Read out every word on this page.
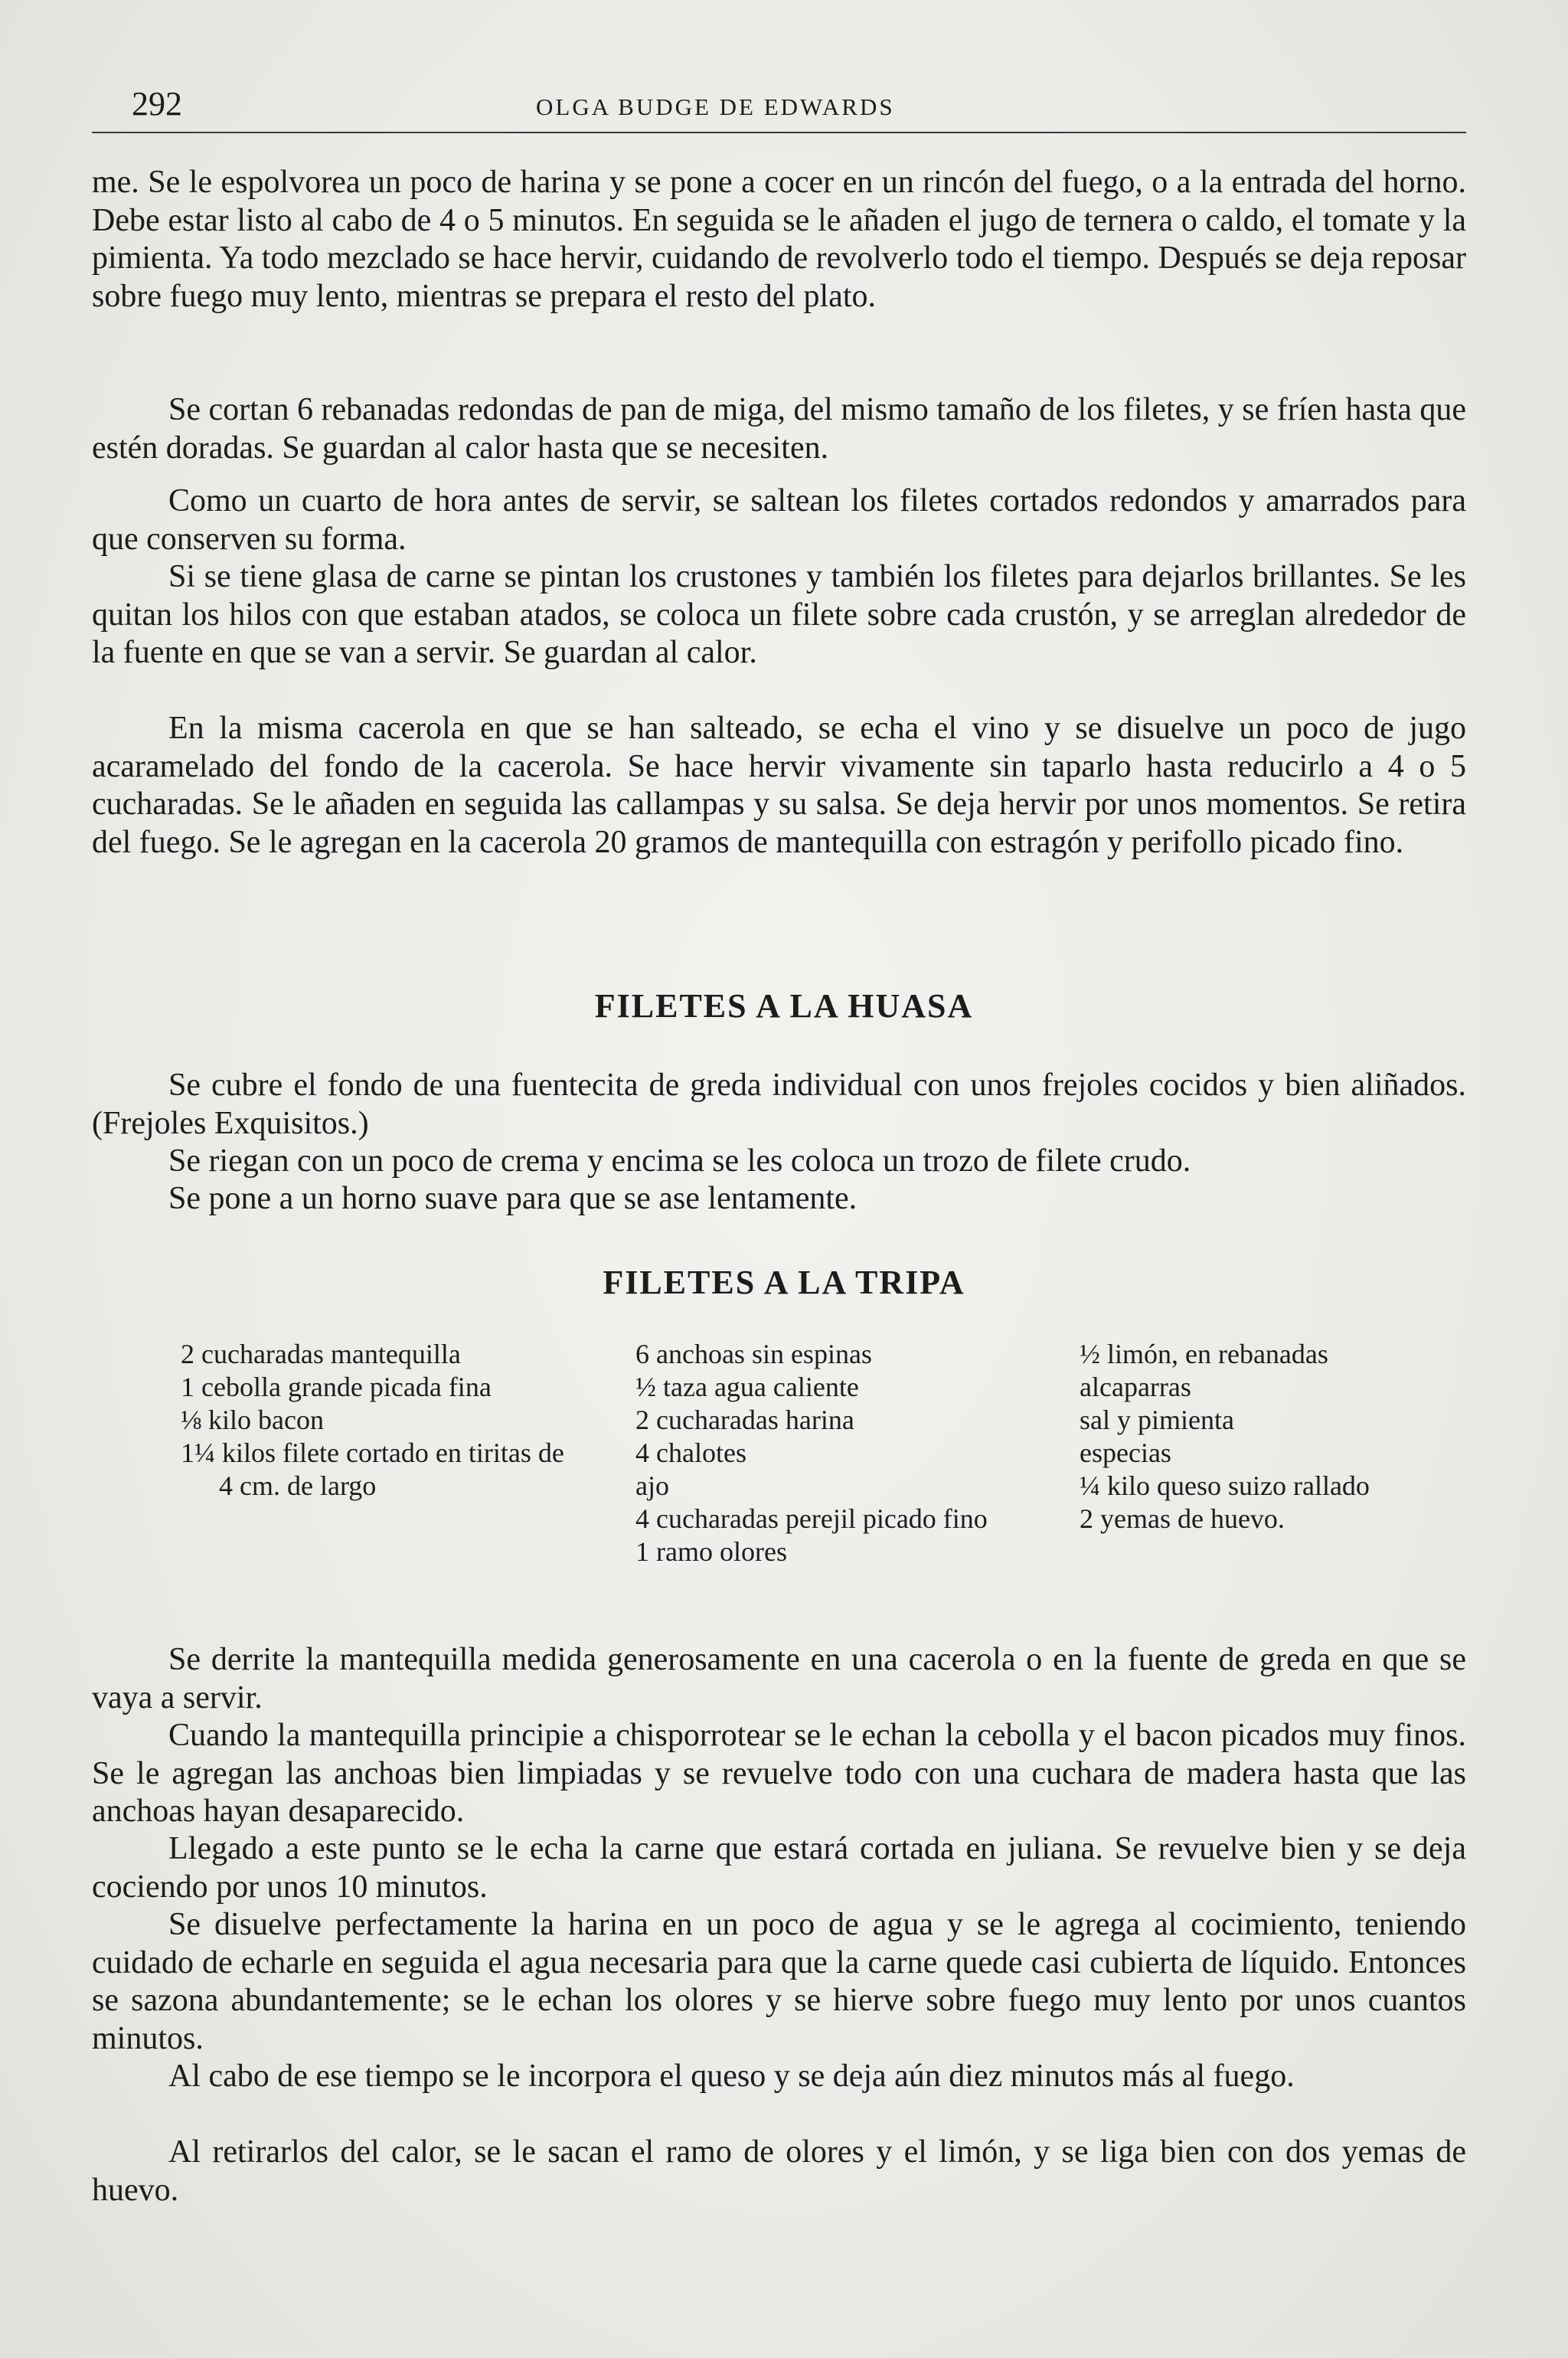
292	OLGA BUDGE DE EDWARDS

me. Se le espolvorea un poco de harina y se pone a cocer en un rincón del fuego, o a la entrada del horno. Debe estar listo al cabo de 4 o 5 minutos. En seguida se le añaden el jugo de ternera o caldo, el tomate y la pimienta. Ya todo mezclado se hace hervir, cuidando de revolverlo todo el tiempo. Después se deja reposar sobre fuego muy lento, mientras se prepara el resto del plato.

Se cortan 6 rebanadas redondas de pan de miga, del mismo tamaño de los filetes, y se fríen hasta que estén doradas. Se guardan al calor hasta que se necesiten.

Como un cuarto de hora antes de servir, se saltean los filetes cortados redondos y amarrados para que conserven su forma.

Si se tiene glasa de carne se pintan los crustones y también los filetes para dejarlos brillantes. Se les quitan los hilos con que estaban atados, se coloca un filete sobre cada crustón, y se arreglan alrededor de la fuente en que se van a servir. Se guardan al calor.

En la misma cacerola en que se han salteado, se echa el vino y se disuelve un poco de jugo acaramelado del fondo de la cacerola. Se hace hervir vivamente sin taparlo hasta reducirlo a 4 o 5 cucharadas. Se le añaden en seguida las callampas y su salsa. Se deja hervir por unos momentos. Se retira del fuego. Se le agregan en la cacerola 20 gramos de mantequilla con estragón y perifollo picado fino.

FILETES A LA HUASA

Se cubre el fondo de una fuentecita de greda individual con unos frejoles cocidos y bien aliñados. (Frejoles Exquisitos.)

Se riegan con un poco de crema y encima se les coloca un trozo de filete crudo.

Se pone a un horno suave para que se ase lentamente.

FILETES A LA TRIPA
2 cucharadas mantequilla
1 cebolla grande picada fina
⅛ kilo bacon
1¼ kilos filete cortado en tiritas de 4 cm. de largo
6 anchoas sin espinas
½ taza agua caliente
2 cucharadas harina
4 chalotes
ajo
4 cucharadas perejil picado fino
1 ramo olores
½ limón, en rebanadas
alcaparras
sal y pimienta
especias
¼ kilo queso suizo rallado
2 yemas de huevo.

Se derrite la mantequilla medida generosamente en una cacerola o en la fuente de greda en que se vaya a servir.

Cuando la mantequilla principie a chisporrotear se le echan la cebolla y el bacon picados muy finos. Se le agregan las anchoas bien limpiadas y se revuelve todo con una cuchara de madera hasta que las anchoas hayan desaparecido.

Llegado a este punto se le echa la carne que estará cortada en juliana. Se revuelve bien y se deja cociendo por unos 10 minutos.

Se disuelve perfectamente la harina en un poco de agua y se le agrega al cocimiento, teniendo cuidado de echarle en seguida el agua necesaria para que la carne quede casi cubierta de líquido. Entonces se sazona abundantemente; se le echan los olores y se hierve sobre fuego muy lento por unos cuantos minutos.

Al cabo de ese tiempo se le incorpora el queso y se deja aún diez minutos más al fuego.

Al retirarlos del calor, se le sacan el ramo de olores y el limón, y se liga bien con dos yemas de huevo.
